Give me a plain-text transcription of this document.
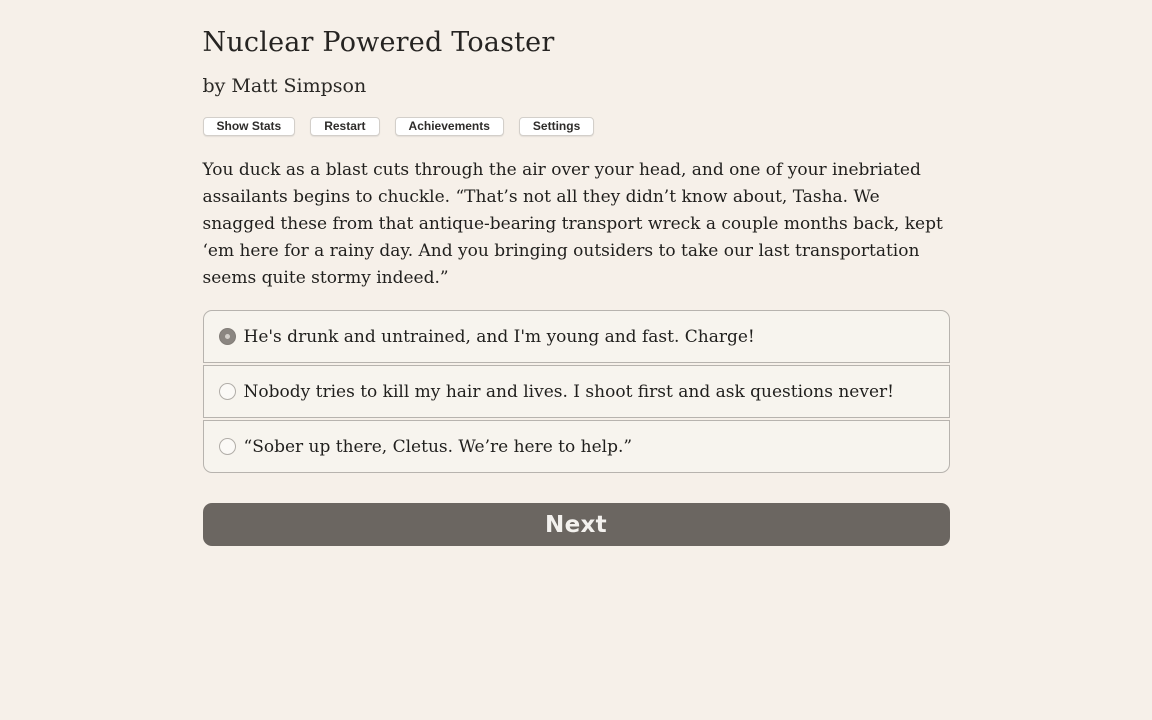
Nuclear Powered Toaster
by Matt Simpson
Show Stats	Restart	Achievements	Settings

You duck as a blast cuts through the air over your head, and one of your inebriated assailants begins to chuckle. “That’s not all they didn’t know about, Tasha. We snagged these from that antique-bearing transport wreck a couple months back, kept ‘em here for a rainy day. And you bringing outsiders to take our last transportation seems quite stormy indeed.”

He's drunk and untrained, and I'm young and fast. Charge!
Nobody tries to kill my hair and lives. I shoot first and ask questions never!
“Sober up there, Cletus. We’re here to help.”
Next
